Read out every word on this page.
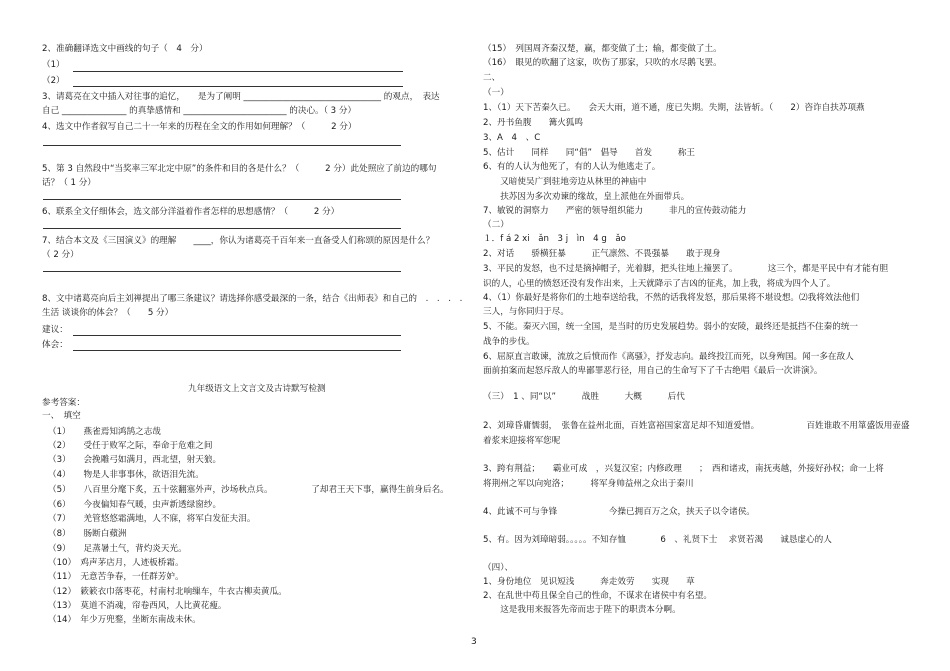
2、准确翻译选文中画线的句子（　4　分）
（1）
（2）
3、请葛亮在文中插入对往事的追忆，　　是为了阐明 ________________________________ 的观点，　表达
自己 _______________ 的真挚感情和 ________________________ 的决心。（ 3 分）
4、选文中作者叙写自己二十一年来的历程在全文的作用如何理解？（　　　2 分）
5、第 3 自然段中“当奖率三军北定中原”的条件和目的各是什么？（　　　2 分）此处照应了前边的哪句
话？（ 1 分）
6、联系全文仔细体会，选文部分洋溢着作者怎样的思想感情？（　　　2 分）
7、结合本文及《三国演义》的理解　　____，你认为诸葛亮千百年来一直备受人们称颂的原因是什么？
（ 2 分）
8、文中诸葛亮向后主刘禅提出了哪三条建议？请选择你感受最深的一条，结合《出师表》和自己的　.　.　.　.
生活 谈谈你的体会？（　　5 分）
建议：
体会：
九年级语文上文言文及古诗默写检测
参考答案：
一、　填空
（1）　　燕雀焉知鸿鹄之志哉
（2）　　受任于败军之际，奉命于危难之间
（3）　　会挽雕弓如满月，西北望，射天狼。
（4）　　物是人非事事休，欲语泪先流。
（5）　　八百里分麾下炙，五十弦翻塞外声，沙场秋点兵。　　　　　了却君王天下事，赢得生前身后名。
（6）　　今夜偏知春气暖，虫声新透绿窗纱。
（7）　　羌管悠悠霜满地，人不寐，将军白发征夫泪。
（8）　　肠断白蘋洲
（9）　　足蒸暑土气，背灼炎天光。
（10）　鸡声茅店月，人迹板桥霜。
（11）　无意苦争春，一任群芳妒。
（12）　簌簌衣巾落枣花，村南村北响缫车，牛衣古柳卖黄瓜。
（13）　莫道不消魂，帘卷西风，人比黄花瘦。
（14）　年少万兜鍪，坐断东南战未休。
（15）　列国周齐秦汉楚，赢，都变做了土；输，都变做了土。
（16）　眼见的吹翻了这家，吹伤了那家，只吹的水尽鹅飞罢。
二、
（一）
1、（1）天下苦秦久已。　　会天大雨，道不通，度已失期。失期，法皆斩。（　　2）咨诈自扶苏项燕
2、丹书鱼腹　　篝火狐鸣
3、A　4　、C
5、估计　　同样　　同“倡”　倡导　　首发　　　称王
6、有的人认为他死了，有的人认为他逃走了。
　　又暗使吴广到驻地旁边从林里的神庙中
　　扶苏因为多次劝谏的缘故，皇上派他在外面带兵。
7、敏锐的洞察力　　严密的领导组织能力　　　非凡的宣传鼓动能力
（二）
１．f á 2 xi　ǎn　3 j　ìn　4 g　ǎo
2、对话　　骄横狂暴　　　正气凛然、不畏强暴　　敢于现身
3、平民的发怒，也不过是摘掉帽子，光着脚，把头往地上撞罢了。　　　　这三个，都是平民中有才能有胆
识的人，心里的愤怒还没有发作出来，上天就降示了吉凶的征兆，加上我，将成为四个人了。
4、（1）你最好是将你们的土地奉送给我，不然的话我将发怒，那后果将不堪设想。⑵我将效法他们
三人，与你同归于尽。
5、不能。秦灭六国，统一全国，是当时的历史发展趋势。弱小的安陵，最终还是抵挡不住秦的统一
战争的步伐。
6、屈原直言敢谏，流放之后愤而作《离骚》，抒发志向。最终投江而死，以身殉国。闻一多在敌人
面前拍案而起怒斥敌人的卑鄙罪恶行径，用自己的生命写下了千古绝唱《最后一次讲演》。
（三）　1 、同“以”　　　战胜　　　大概　　　后代
2、刘璋昏庸懦弱，　张鲁在益州北面，百姓富裕国家富足却不知道爱惜。　　　　　　百姓谁敢不用箪盛饭用壶盛
着浆来迎接将军您呢
3、跨有荆益；　　霸业可成　，兴复汉室；内修政理　　；　西和诸戎，南抚夷越，外接好孙权；命一上将
将荆州之军以向宛洛；　　　将军身帅益州之众出于秦川
4、此诚不可与争锋　　　　　　今操已拥百万之众，挟天子以令诸侯。
5、有。因为刘璋暗弱。。。。。不知存恤　　　　6　、礼贤下士　 求贤若渴　　诚恳虚心的人
（四）、
1、身份地位　见识短浅　　　奔走效劳　　实现　　草
2、在乱世中苟且保全自己的性命，不谋求在诸侯中有名望。
　　这是我用来报答先帝而忠于陛下的职责本分啊。
3
